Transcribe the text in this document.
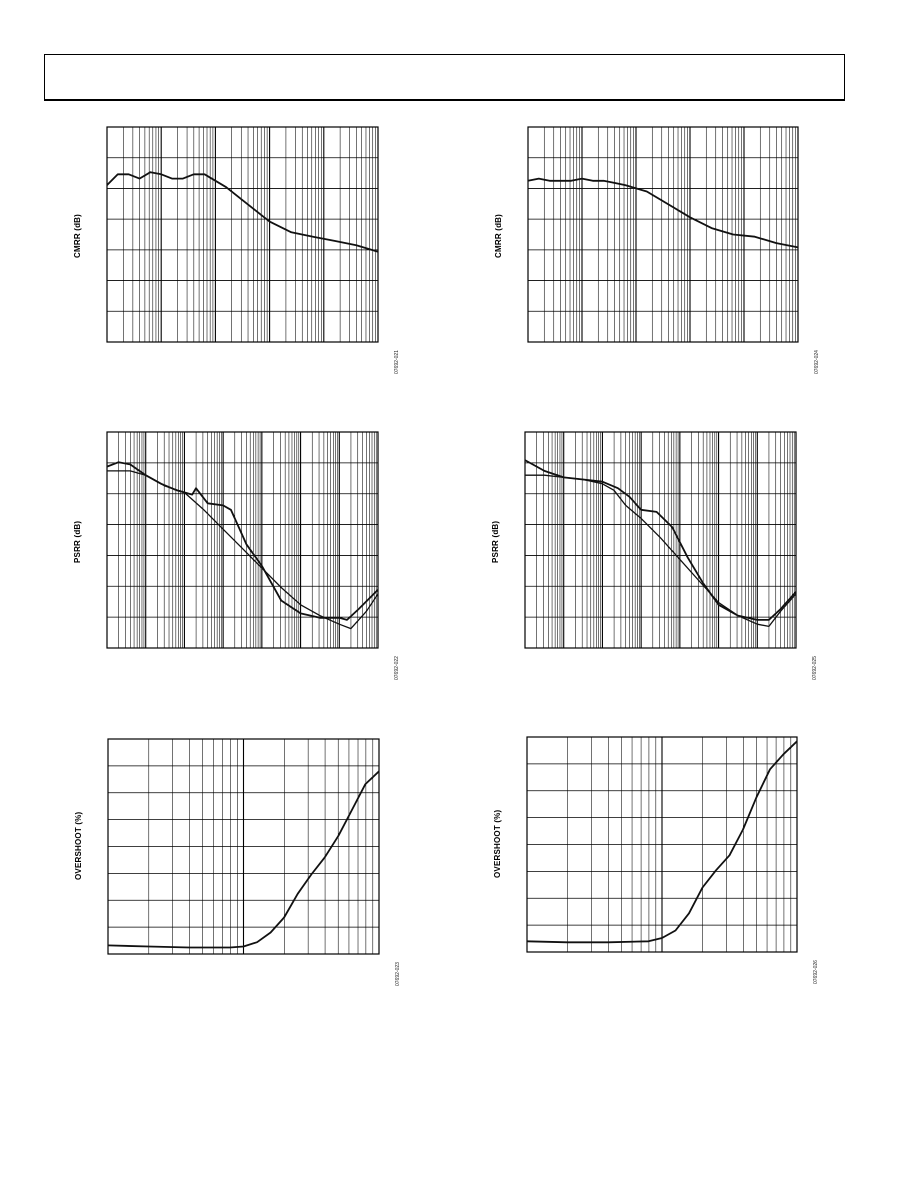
CMRR (dB)
07692-021
CMRR (dB)
07692-024
PSRR (dB)
07692-022
PSRR (dB)
07692-025
OVERSHOOT (%)
07692-023
OVERSHOOT (%)
07692-026
